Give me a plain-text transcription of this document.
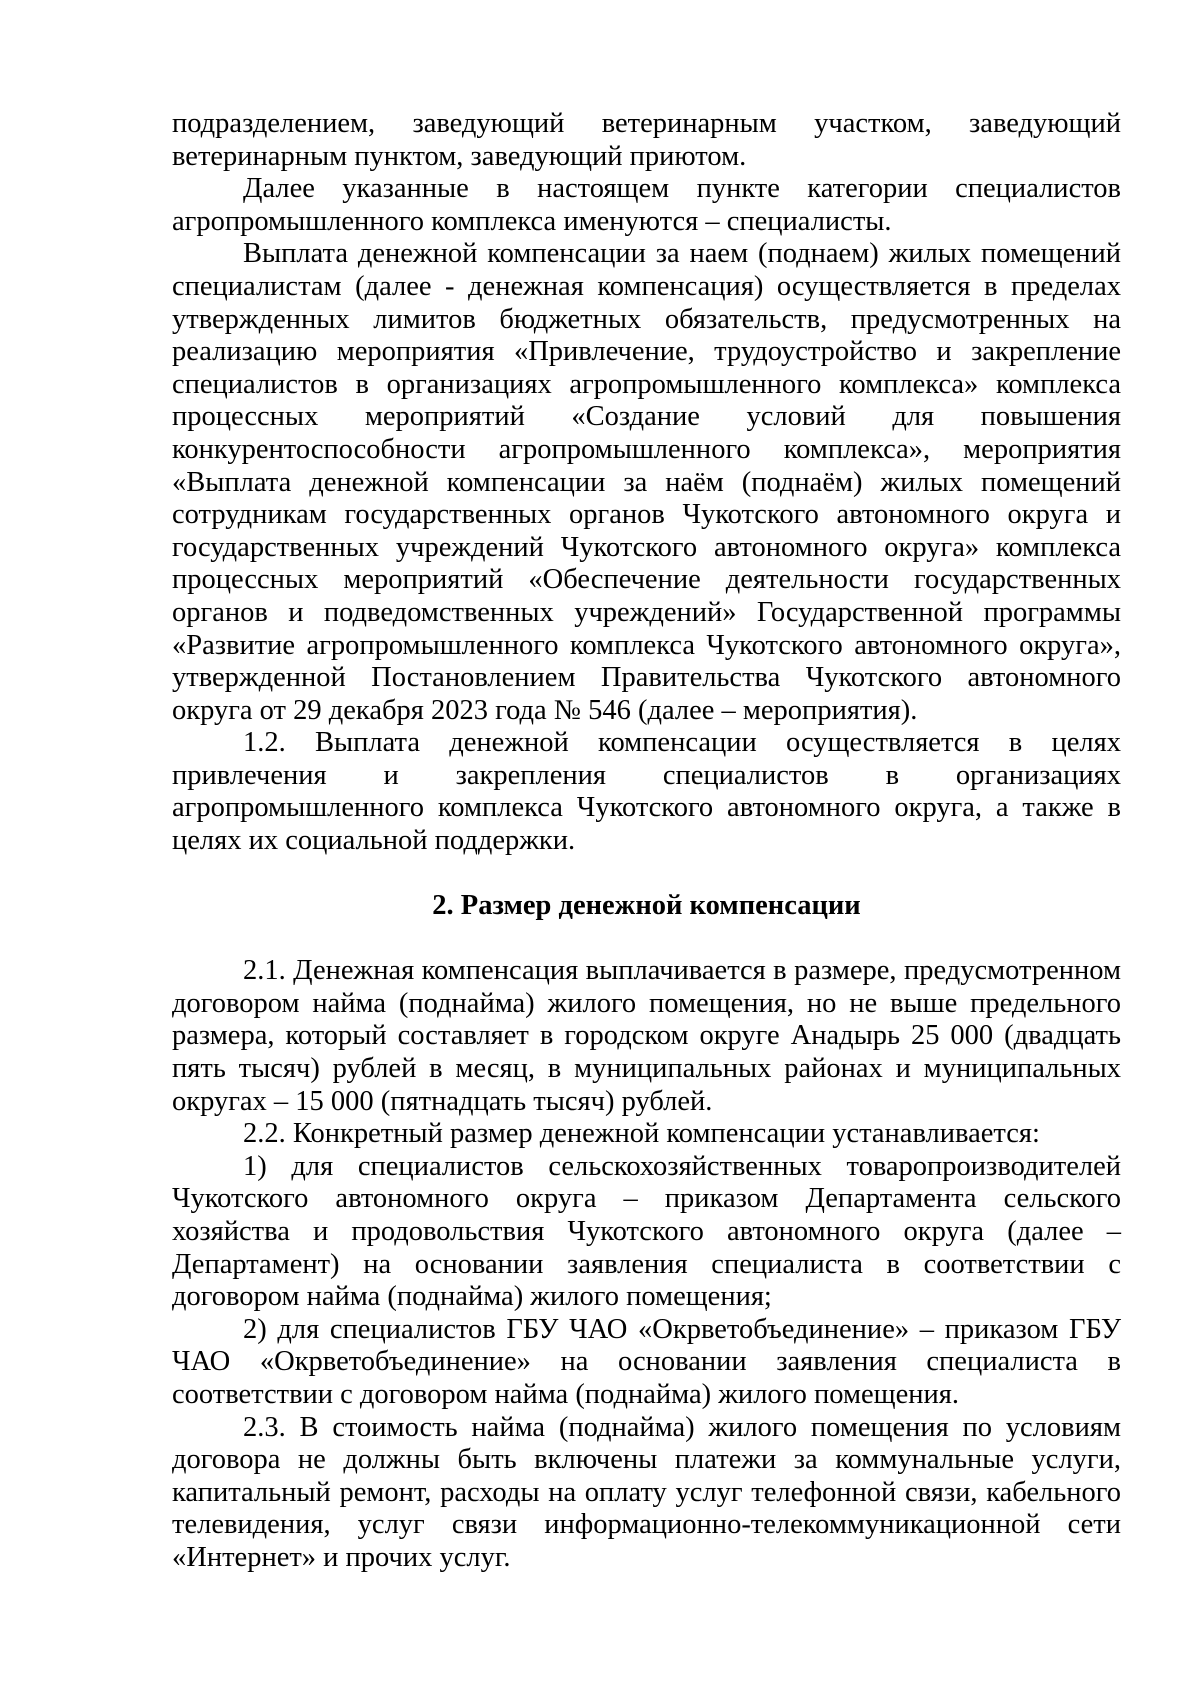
подразделением, заведующий ветеринарным участком, заведующий ветеринарным пунктом, заведующий приютом.

Далее указанные в настоящем пункте категории специалистов агропромышленного комплекса именуются – специалисты.

Выплата денежной компенсации за наем (поднаем) жилых помещений специалистам (далее - денежная компенсация) осуществляется в пределах утвержденных лимитов бюджетных обязательств, предусмотренных на реализацию мероприятия «Привлечение, трудоустройство и закрепление специалистов в организациях агропромышленного комплекса» комплекса процессных мероприятий «Создание условий для повышения конкурентоспособности агропромышленного комплекса», мероприятия «Выплата денежной компенсации за наём (поднаём) жилых помещений сотрудникам государственных органов Чукотского автономного округа и государственных учреждений Чукотского автономного округа» комплекса процессных мероприятий «Обеспечение деятельности государственных органов и подведомственных учреждений» Государственной программы «Развитие агропромышленного комплекса Чукотского автономного округа», утвержденной Постановлением Правительства Чукотского автономного округа от 29 декабря 2023 года № 546 (далее – мероприятия).

1.2. Выплата денежной компенсации осуществляется в целях привлечения и закрепления специалистов в организациях агропромышленного комплекса Чукотского автономного округа, а также в целях их социальной поддержки.

2. Размер денежной компенсации

2.1. Денежная компенсация выплачивается в размере, предусмотренном договором найма (поднайма) жилого помещения, но не выше предельного размера, который составляет в городском округе Анадырь 25 000 (двадцать пять тысяч) рублей в месяц, в муниципальных районах и муниципальных округах – 15 000 (пятнадцать тысяч) рублей.

2.2. Конкретный размер денежной компенсации устанавливается:

1) для специалистов сельскохозяйственных товаропроизводителей Чукотского автономного округа – приказом Департамента сельского хозяйства и продовольствия Чукотского автономного округа (далее – Департамент) на основании заявления специалиста в соответствии с договором найма (поднайма) жилого помещения;

2) для специалистов ГБУ ЧАО «Окрветобъединение» – приказом ГБУ ЧАО «Окрветобъединение» на основании заявления специалиста в соответствии с договором найма (поднайма) жилого помещения.

2.3. В стоимость найма (поднайма) жилого помещения по условиям договора не должны быть включены платежи за коммунальные услуги, капитальный ремонт, расходы на оплату услуг телефонной связи, кабельного телевидения, услуг связи информационно-телекоммуникационной сети «Интернет» и прочих услуг.
